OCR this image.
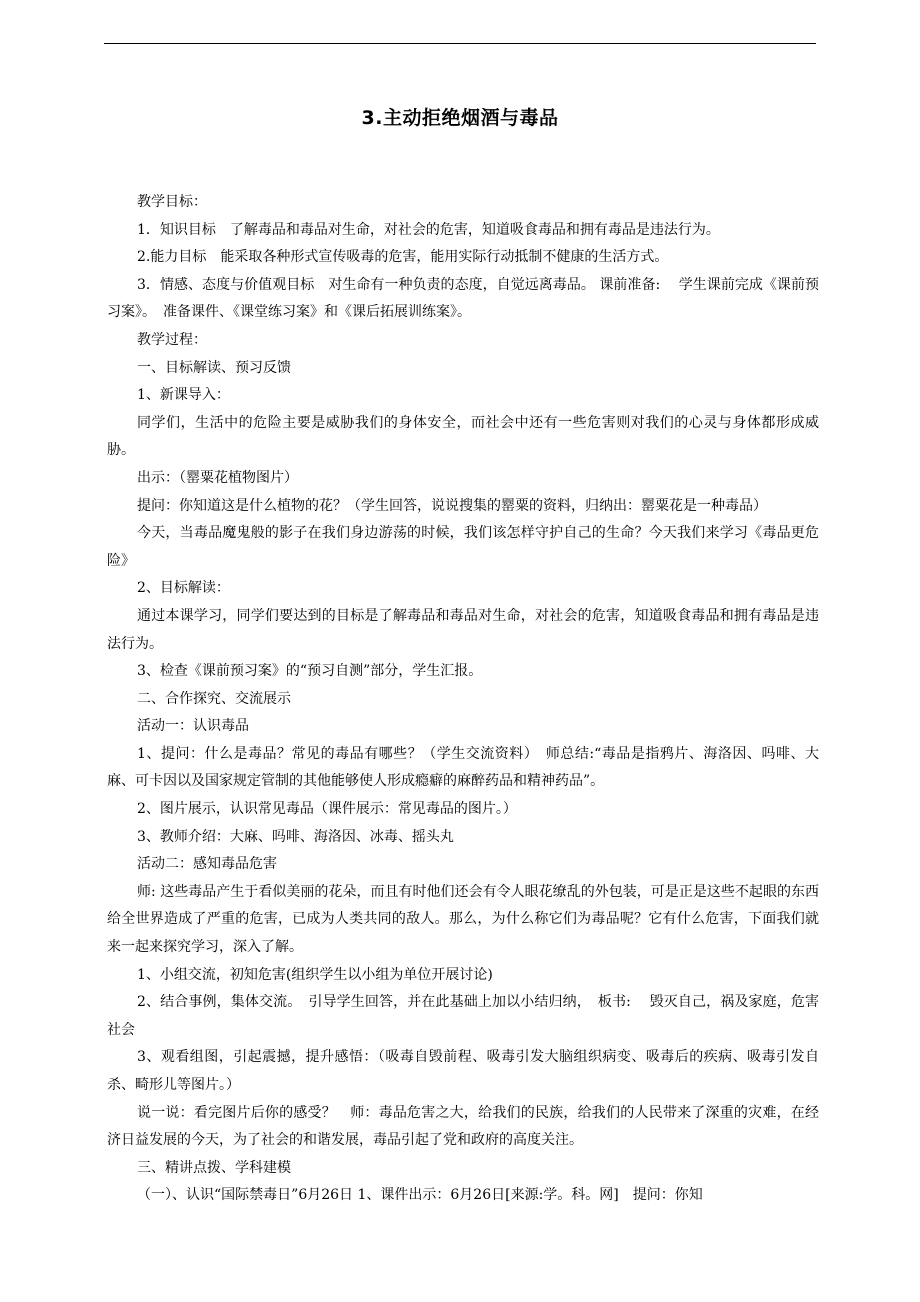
3.主动拒绝烟酒与毒品

教学目标：

1．知识目标　了解毒品和毒品对生命，对社会的危害，知道吸食毒品和拥有毒品是违法行为。

2.能力目标　能采取各种形式宣传吸毒的危害，能用实际行动抵制不健康的生活方式。

3．情感、态度与价值观目标　对生命有一种负责的态度，自觉远离毒品。 课前准备:　 学生课前完成《课前预习案》。　准备课件、《课堂练习案》和《课后拓展训练案》。

教学过程：

一、目标解读、预习反馈

1、新课导入：

同学们，生活中的危险主要是威胁我们的身体安全，而社会中还有一些危害则对我们的心灵与身体都形成威胁。

出示：（罂粟花植物图片）

提问：你知道这是什么植物的花？（学生回答，说说搜集的罂粟的资料，归纳出：罂粟花是一种毒品）

今天，当毒品魔鬼般的影子在我们身边游荡的时候，我们该怎样守护自己的生命？今天我们来学习《毒品更危险》

2、目标解读：

通过本课学习，同学们要达到的目标是了解毒品和毒品对生命，对社会的危害，知道吸食毒品和拥有毒品是违法行为。

3、检查《课前预习案》的“预习自测”部分，学生汇报。

二、合作探究、交流展示

活动一：认识毒品

1、提问：什么是毒品？常见的毒品有哪些？（学生交流资料）　师总结:“毒品是指鸦片、海洛因、吗啡、大麻、可卡因以及国家规定管制的其他能够使人形成瘾癖的麻醉药品和精神药品”。

2、图片展示，认识常见毒品（课件展示：常见毒品的图片。）

3、教师介绍：大麻、吗啡、海洛因、冰毒、摇头丸

活动二：感知毒品危害

师: 这些毒品产生于看似美丽的花朵，而且有时他们还会有令人眼花缭乱的外包装，可是正是这些不起眼的东西给全世界造成了严重的危害，已成为人类共同的敌人。那么，为什么称它们为毒品呢？它有什么危害，下面我们就来一起来探究学习，深入了解。

1、小组交流，初知危害(组织学生以小组为单位开展讨论)

2、结合事例，集体交流。　引导学生回答，并在此基础上加以小结归纳，　板书:　 毁灭自己，祸及家庭，危害社会

3、观看组图，引起震撼，提升感悟：（吸毒自毁前程、吸毒引发大脑组织病变、吸毒后的疾病、吸毒引发自杀、畸形儿等图片。）

说一说：看完图片后你的感受？　师：毒品危害之大，给我们的民族，给我们的人民带来了深重的灾难，在经济日益发展的今天，为了社会的和谐发展，毒品引起了党和政府的高度关注。

三、精讲点拨、学科建模

（一）、认识“国际禁毒日”6月26日 1、课件出示：6月26日[来源:学。科。网]　提问：你知
